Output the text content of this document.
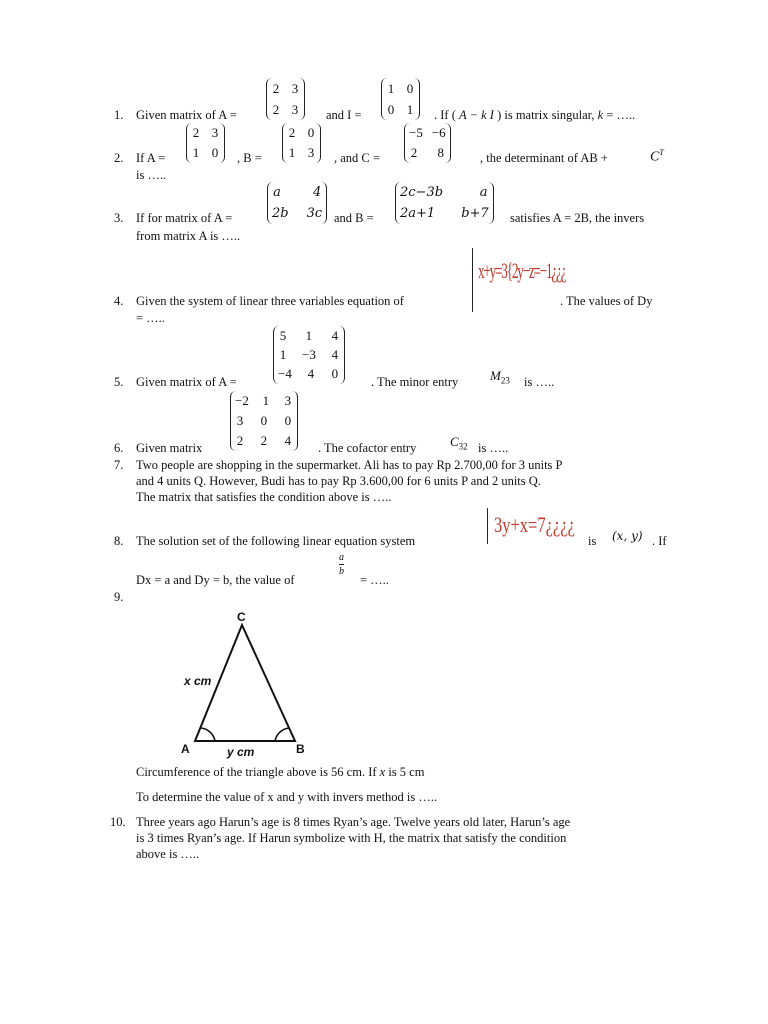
1. Given matrix of A =
2 3
2 3 and I =
1 0
0 1 . If ( A − k I ) is matrix singular, k = …..
2. If A =
2 3
1 0 , B =
2 0
1 3 , and C =
−5 −6
2 8	, the determinant of AB +	$C^T$
is …..
3. If for matrix of A =
a 4
2b 3c and B =
2c−3b	a
2a+1 b+7 satisfies A = 2B, the invers
from matrix A is …..
4. Given the system of linear three variables equation of
x+y=3{2y−z=−1¿¿¿
. The values of Dy
= …..
5. Given matrix of A =
5 1 4
1 −3 4
−4 4 0
. The minor entry $M_{23}$ is …..
6. Given matrix
−2 1 3
3 0 0
2 2 4 . The cofactor entry	$C_{32}$ is …..
7. Two people are shopping in the supermarket. Ali has to pay Rp 2.700,00 for 3 units P
and 4 units Q. However, Budi has to pay Rp 3.600,00 for 6 units P and 2 units Q.
The matrix that satisfies the condition above is …..
8. The solution set of the following linear equation system
3y+x=7¿¿¿¿
is (x, y) . If
Dx = a and Dy = b, the value of
a
b
= …..
9.
C
A	B
x cm
y cm
Circumference of the triangle above is 56 cm. If x is 5 cm
To determine the value of x and y with invers method is …..
10. Three years ago Harun’s age is 8 times Ryan’s age. Twelve years old later, Harun’s age
is 3 times Ryan’s age. If Harun symbolize with H, the matrix that satisfy the condition
above is …..
